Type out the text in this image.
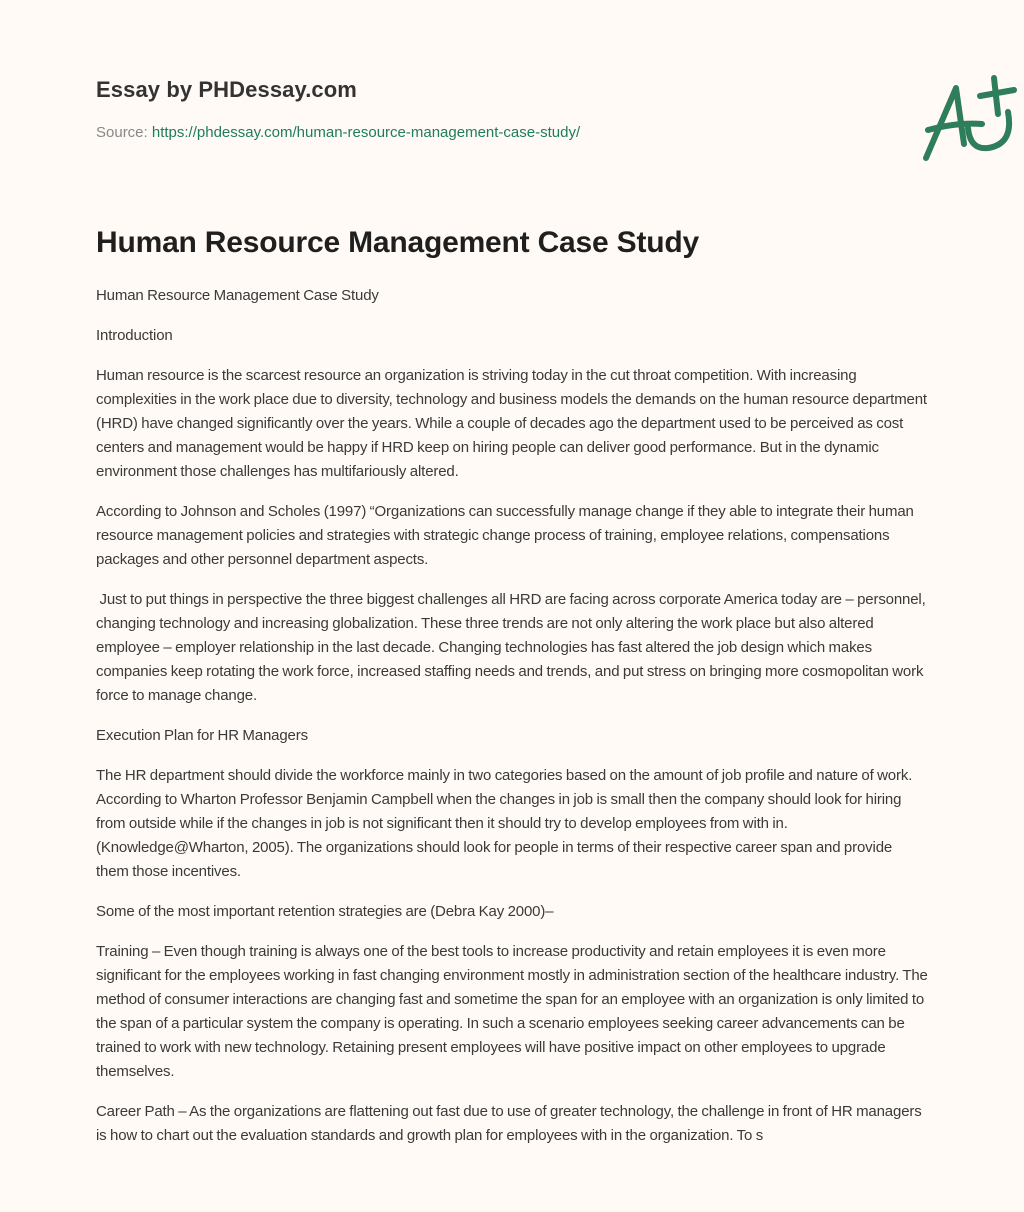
Essay by PHDessay.com
Source: https://phdessay.com/human-resource-management-case-study/
Human Resource Management Case Study

Human Resource Management Case Study

Introduction

Human resource is the scarcest resource an organization is striving today in the cut throat competition. With increasing complexities in the work place due to diversity, technology and business models the demands on the human resource department (HRD) have changed significantly over the years. While a couple of decades ago the department used to be perceived as cost centers and management would be happy if HRD keep on hiring people can deliver good performance. But in the dynamic environment those challenges has multifariously altered.

According to Johnson and Scholes (1997) “Organizations can successfully manage change if they able to integrate their human resource management policies and strategies with strategic change process of training, employee relations, compensations packages and other personnel department aspects.

Just to put things in perspective the three biggest challenges all HRD are facing across corporate America today are – personnel, changing technology and increasing globalization. These three trends are not only altering the work place but also altered employee – employer relationship in the last decade. Changing technologies has fast altered the job design which makes companies keep rotating the work force, increased staffing needs and trends, and put stress on bringing more cosmopolitan work force to manage change.

Execution Plan for HR Managers

The HR department should divide the workforce mainly in two categories based on the amount of job profile and nature of work. According to Wharton Professor Benjamin Campbell when the changes in job is small then the company should look for hiring from outside while if the changes in job is not significant then it should try to develop employees from with in. (Knowledge@Wharton, 2005). The organizations should look for people in terms of their respective career span and provide them those incentives.

Some of the most important retention strategies are (Debra Kay 2000)–

Training – Even though training is always one of the best tools to increase productivity and retain employees it is even more significant for the employees working in fast changing environment mostly in administration section of the healthcare industry. The method of consumer interactions are changing fast and sometime the span for an employee with an organization is only limited to the span of a particular system the company is operating. In such a scenario employees seeking career advancements can be trained to work with new technology. Retaining present employees will have positive impact on other employees to upgrade themselves.

Career Path – As the organizations are flattening out fast due to use of greater technology, the challenge in front of HR managers is how to chart out the evaluation standards and growth plan for employees with in the organization. To s
